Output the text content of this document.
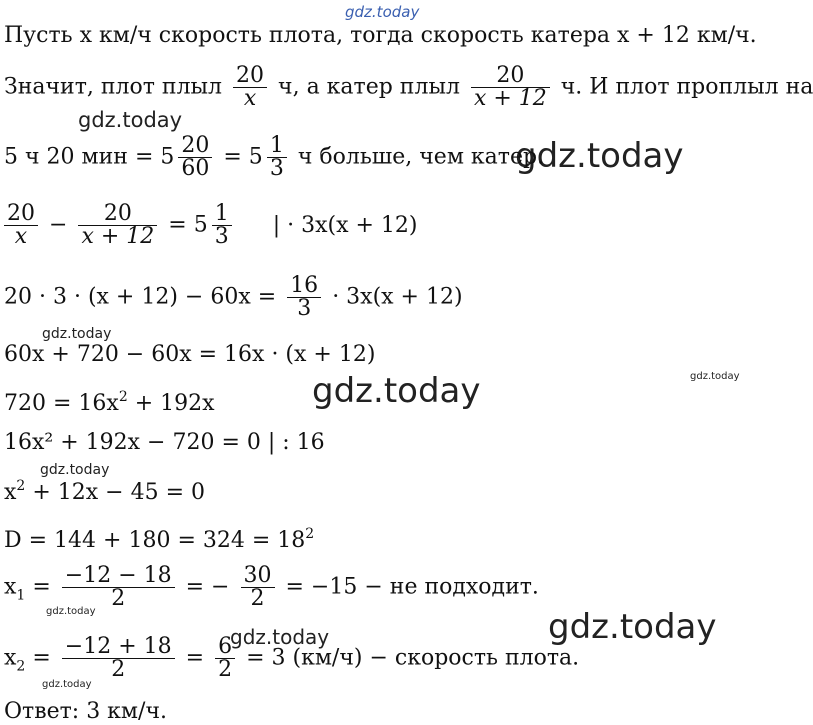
gdz.today
gdz.today
gdz.today
gdz.today
gdz.today	gdz.today
gdz.today
gdz.today	gdz.today
gdz.today
gdz.today
Пусть x км/ч скорость плота, тогда скорость катера x + 12 км/ч.
Значит, плот плыл $\frac{20}{x} ч$, а катер плыл $\frac{20}{x + 12} ч$. И плот проплыл на
5 ч 20 мин = $5 \frac{20}{60} = 5 \frac{1}{3}$ ч больше, чем катер.
$\frac{20}{x} - \frac{20}{x + 12} = 5 \frac{1}{3}$ | · 3x(x + 12)
$20 \cdot 3 \cdot (x + 12) - 60x = \frac{16}{3} \cdot 3x(x + 12)$
60x + 720 − 60x = 16x · (x + 12)
$720 = 16x^2 + 192x$
16x² + 192x − 720 = 0 | : 16
$x^2 + 12x - 45 = 0$
$D = 144 + 180 = 324 = 18^2$
$x_1 = \frac{-12 - 18}{2}$ = − $\frac{30}{2} = -15$ − не подходит.
$x_2 = \frac{-12 + 18}{2} = \frac{6}{2} = 3$ (км/ч) − скорость плота.
Ответ: 3 км/ч.
